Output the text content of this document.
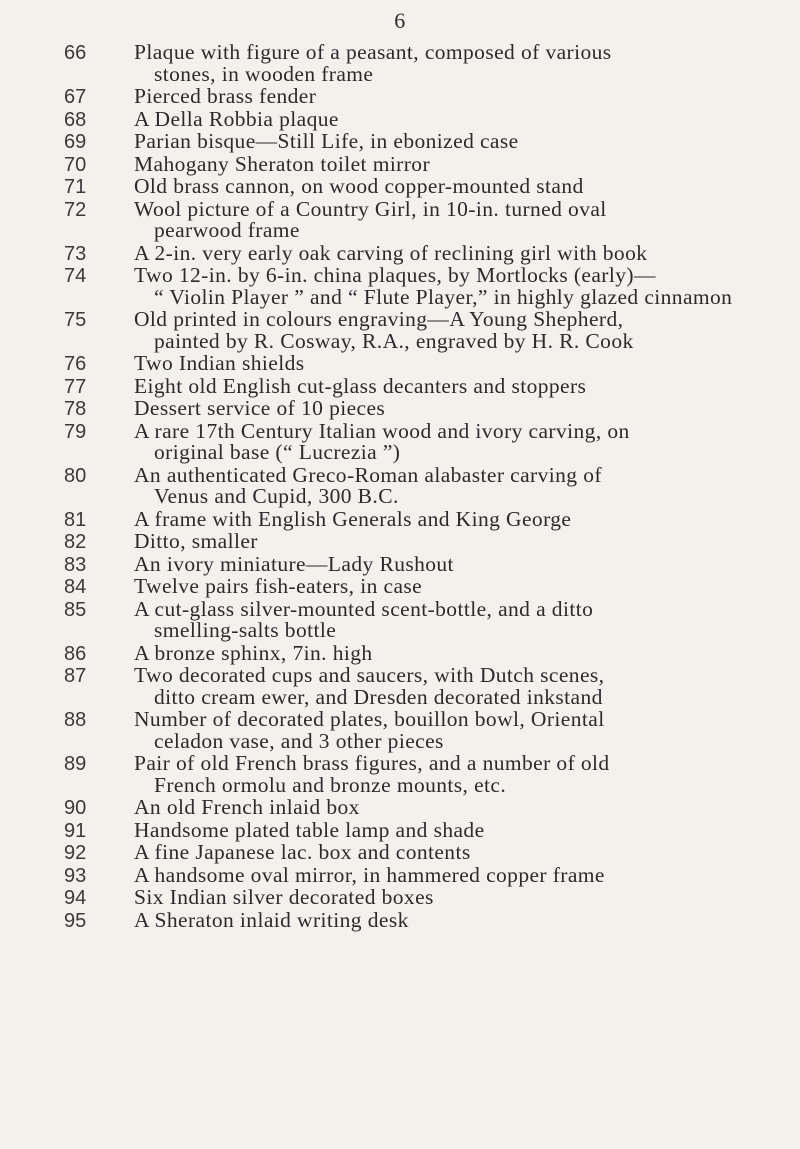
6
66	Plaque with figure of a peasant, composed of various
stones, in wooden frame
67	Pierced brass fender
68	A Della Robbia plaque
69	Parian bisque—Still Life, in ebonized case
70	Mahogany Sheraton toilet mirror
71	Old brass cannon, on wood copper-mounted stand
72	Wool picture of a Country Girl, in 10-in. turned oval
pearwood frame
73	A 2-in. very early oak carving of reclining girl with book
74	Two 12-in. by 6-in. china plaques, by Mortlocks (early)—
“ Violin Player ” and “ Flute Player,” in highly glazed cinnamon
75	Old printed in colours engraving—A Young Shepherd,
painted by R. Cosway, R.A., engraved by H. R. Cook
76	Two Indian shields
77	Eight old English cut-glass decanters and stoppers
78	Dessert service of 10 pieces
79	A rare 17th Century Italian wood and ivory carving, on
original base (“ Lucrezia ”)
80	An authenticated Greco-Roman alabaster carving of
Venus and Cupid, 300 B.C.
81	A frame with English Generals and King George
82	Ditto, smaller
83	An ivory miniature—Lady Rushout
84	Twelve pairs fish-eaters, in case
85	A cut-glass silver-mounted scent-bottle, and a ditto
smelling-salts bottle
86	A bronze sphinx, 7in. high
87	Two decorated cups and saucers, with Dutch scenes,
ditto cream ewer, and Dresden decorated inkstand
88	Number of decorated plates, bouillon bowl, Oriental
celadon vase, and 3 other pieces
89	Pair of old French brass figures, and a number of old
French ormolu and bronze mounts, etc.
90	An old French inlaid box
91	Handsome plated table lamp and shade
92	A fine Japanese lac. box and contents
93	A handsome oval mirror, in hammered copper frame
94	Six Indian silver decorated boxes
95	A Sheraton inlaid writing desk
